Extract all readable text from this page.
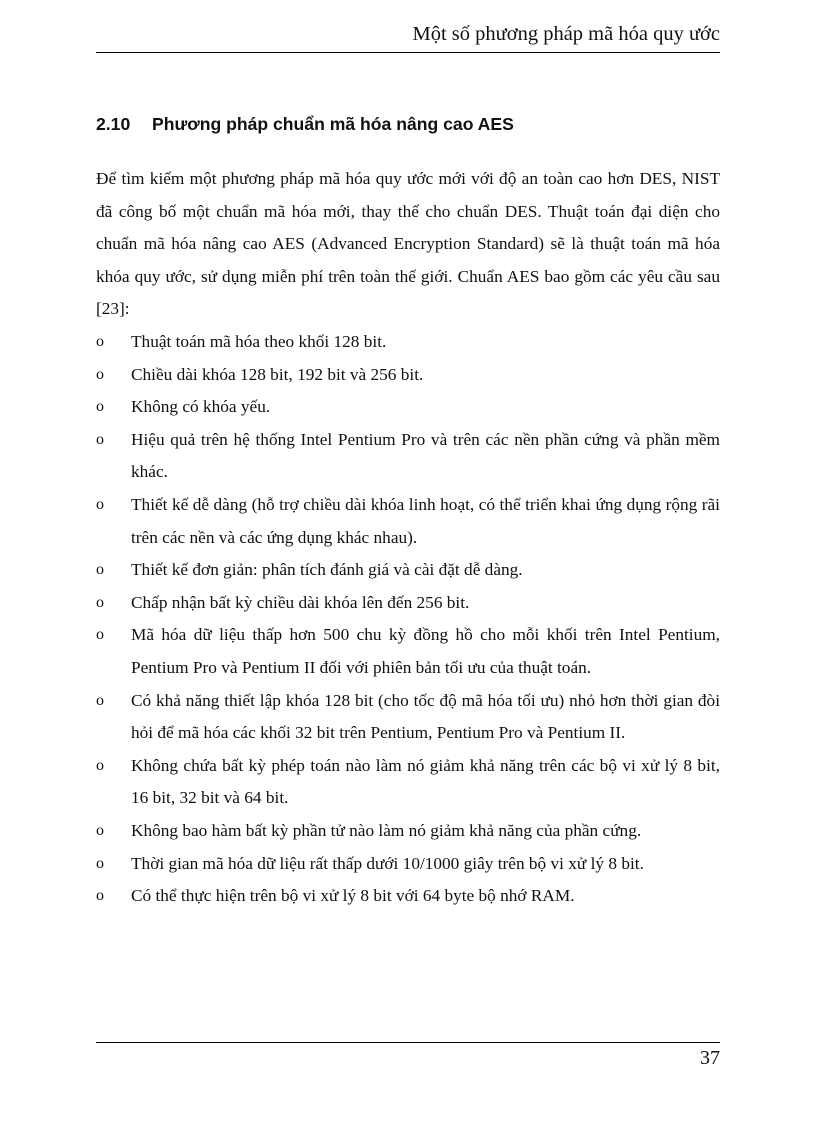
Một số phương pháp mã hóa quy ước
2.10 Phương pháp chuẩn mã hóa nâng cao AES

Để tìm kiếm một phương pháp mã hóa quy ước mới với độ an toàn cao hơn DES, NIST đã công bố một chuẩn mã hóa mới, thay thế cho chuẩn DES. Thuật toán đại diện cho chuẩn mã hóa nâng cao AES (Advanced Encryption Standard) sẽ là thuật toán mã hóa khóa quy ước, sử dụng miễn phí trên toàn thế giới. Chuẩn AES bao gồm các yêu cầu sau [23]:

o	Thuật toán mã hóa theo khối 128 bit.
o	Chiều dài khóa 128 bit, 192 bit và 256 bit.
o	Không có khóa yếu.
o	Hiệu quả trên hệ thống Intel Pentium Pro và trên các nền phần cứng và phần mềm khác.
o	Thiết kế dễ dàng (hỗ trợ chiều dài khóa linh hoạt, có thể triển khai ứng dụng rộng rãi trên các nền và các ứng dụng khác nhau).
o	Thiết kế đơn giản: phân tích đánh giá và cài đặt dễ dàng.
o	Chấp nhận bất kỳ chiều dài khóa lên đến 256 bit.
o	Mã hóa dữ liệu thấp hơn 500 chu kỳ đồng hồ cho mỗi khối trên Intel Pentium, Pentium Pro và Pentium II đối với phiên bản tối ưu của thuật toán.
o	Có khả năng thiết lập khóa 128 bit (cho tốc độ mã hóa tối ưu) nhỏ hơn thời gian đòi hỏi để mã hóa các khối 32 bit trên Pentium, Pentium Pro và Pentium II.
o	Không chứa bất kỳ phép toán nào làm nó giảm khả năng trên các bộ vi xử lý 8 bit, 16 bit, 32 bit và 64 bit.
o	Không bao hàm bất kỳ phần tử nào làm nó giảm khả năng của phần cứng.
o	Thời gian mã hóa dữ liệu rất thấp dưới 10/1000 giây trên bộ vi xử lý 8 bit.
o	Có thể thực hiện trên bộ vi xử lý 8 bit với 64 byte bộ nhớ RAM.
37
